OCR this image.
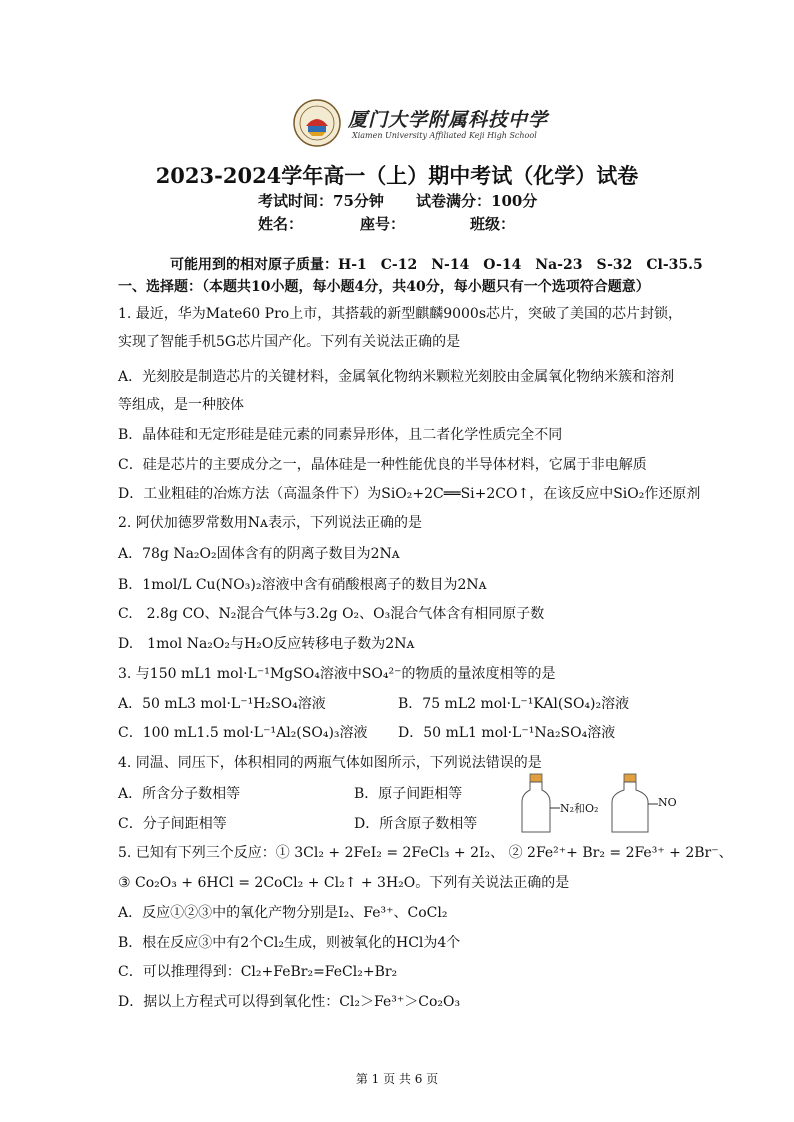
厦门大学附属科技中学
Xiamen University Affiliated Keji High School
2023-2024学年高一（上）期中考试（化学）试卷
考试时间：75分钟 试卷满分：100分
姓名：	座号：	班级：
可能用到的相对原子质量：H-1　C-12　N-14　O-14　Na-23　S-32　Cl-35.5
一、选择题：（本题共10小题，每小题4分，共40分，每小题只有一个选项符合题意）
1. 最近，华为Mate60 Pro上市，其搭载的新型麒麟9000s芯片，突破了美国的芯片封锁，
实现了智能手机5G芯片国产化。下列有关说法正确的是
A．光刻胶是制造芯片的关键材料，金属氧化物纳米颗粒光刻胶由金属氧化物纳米簇和溶剂
等组成，是一种胶体
B．晶体硅和无定形硅是硅元素的同素异形体，且二者化学性质完全不同
C．硅是芯片的主要成分之一，晶体硅是一种性能优良的半导体材料，它属于非电解质
D．工业粗硅的冶炼方法（高温条件下）为SiO₂+2C══Si+2CO↑，在该反应中SiO₂作还原剂
2. 阿伏加德罗常数用Nᴀ表示，下列说法正确的是
A．78g Na₂O₂固体含有的阴离子数目为2Nᴀ
B．1mol/L Cu(NO₃)₂溶液中含有硝酸根离子的数目为2Nᴀ
C.　2.8g CO、N₂混合气体与3.2g O₂、O₃混合气体含有相同原子数
D.　1mol Na₂O₂与H₂O反应转移电子数为2Nᴀ
3. 与150 mL1 mol·L⁻¹MgSO₄溶液中SO₄²⁻的物质的量浓度相等的是
A．50 mL3 mol·L⁻¹H₂SO₄溶液	B．75 mL2 mol·L⁻¹KAl(SO₄)₂溶液
C．100 mL1.5 mol·L⁻¹Al₂(SO₄)₃溶液 D．50 mL1 mol·L⁻¹Na₂SO₄溶液
4. 同温、同压下，体积相同的两瓶气体如图所示，下列说法错误的是
A．所含分子数相等	B．原子间距相等
C．分子间距相等	D．所含原子数相等
N₂和O₂	NO
5. 已知有下列三个反应：① 3Cl₂ + 2FeI₂ = 2FeCl₃ + 2I₂、 ② 2Fe²⁺+ Br₂ = 2Fe³⁺ + 2Br⁻、
③ Co₂O₃ + 6HCl = 2CoCl₂ + Cl₂↑ + 3H₂O。下列有关说法正确的是
A．反应①②③中的氧化产物分别是I₂、Fe³⁺、CoCl₂
B．根在反应③中有2个Cl₂生成，则被氧化的HCl为4个
C．可以推理得到：Cl₂+FeBr₂=FeCl₂+Br₂
D．据以上方程式可以得到氧化性：Cl₂＞Fe³⁺＞Co₂O₃
第 1 页 共 6 页
